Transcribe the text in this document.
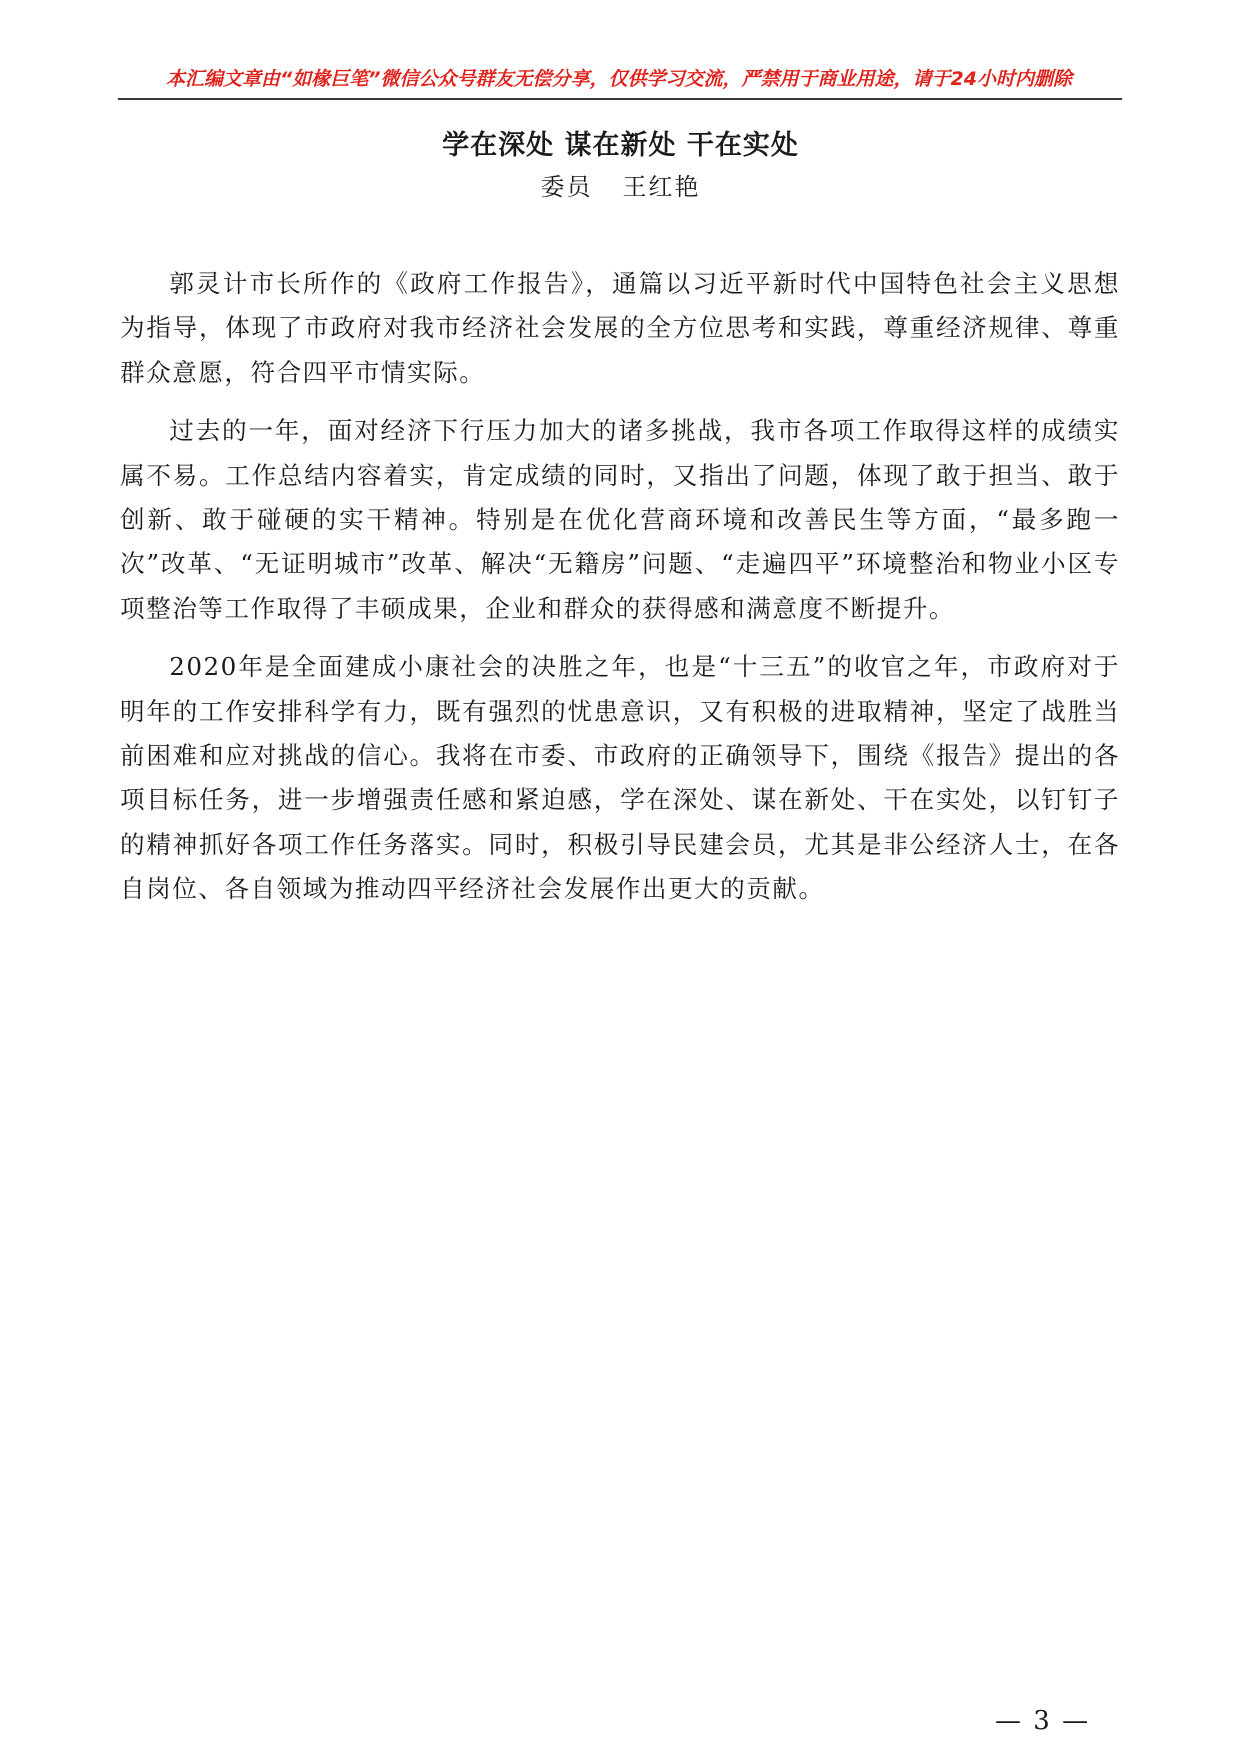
本汇编文章由“如椽巨笔”微信公众号群友无偿分享，仅供学习交流，严禁用于商业用途，请于24小时内删除
学在深处 谋在新处 干在实处
委员 王红艳

郭灵计市长所作的《政府工作报告》，通篇以习近平新时代中国特色社会主义思想为指导，体现了市政府对我市经济社会发展的全方位思考和实践，尊重经济规律、尊重群众意愿，符合四平市情实际。

过去的一年，面对经济下行压力加大的诸多挑战，我市各项工作取得这样的成绩实属不易。工作总结内容着实，肯定成绩的同时，又指出了问题，体现了敢于担当、敢于创新、敢于碰硬的实干精神。特别是在优化营商环境和改善民生等方面，“最多跑一次”改革、“无证明城市”改革、解决“无籍房”问题、“走遍四平”环境整治和物业小区专项整治等工作取得了丰硕成果，企业和群众的获得感和满意度不断提升。

2020年是全面建成小康社会的决胜之年，也是“十三五”的收官之年，市政府对于明年的工作安排科学有力，既有强烈的忧患意识，又有积极的进取精神，坚定了战胜当前困难和应对挑战的信心。我将在市委、市政府的正确领导下，围绕《报告》提出的各项目标任务，进一步增强责任感和紧迫感，学在深处、谋在新处、干在实处，以钉钉子的精神抓好各项工作任务落实。同时，积极引导民建会员，尤其是非公经济人士，在各自岗位、各自领域为推动四平经济社会发展作出更大的贡献。

— 3 —
